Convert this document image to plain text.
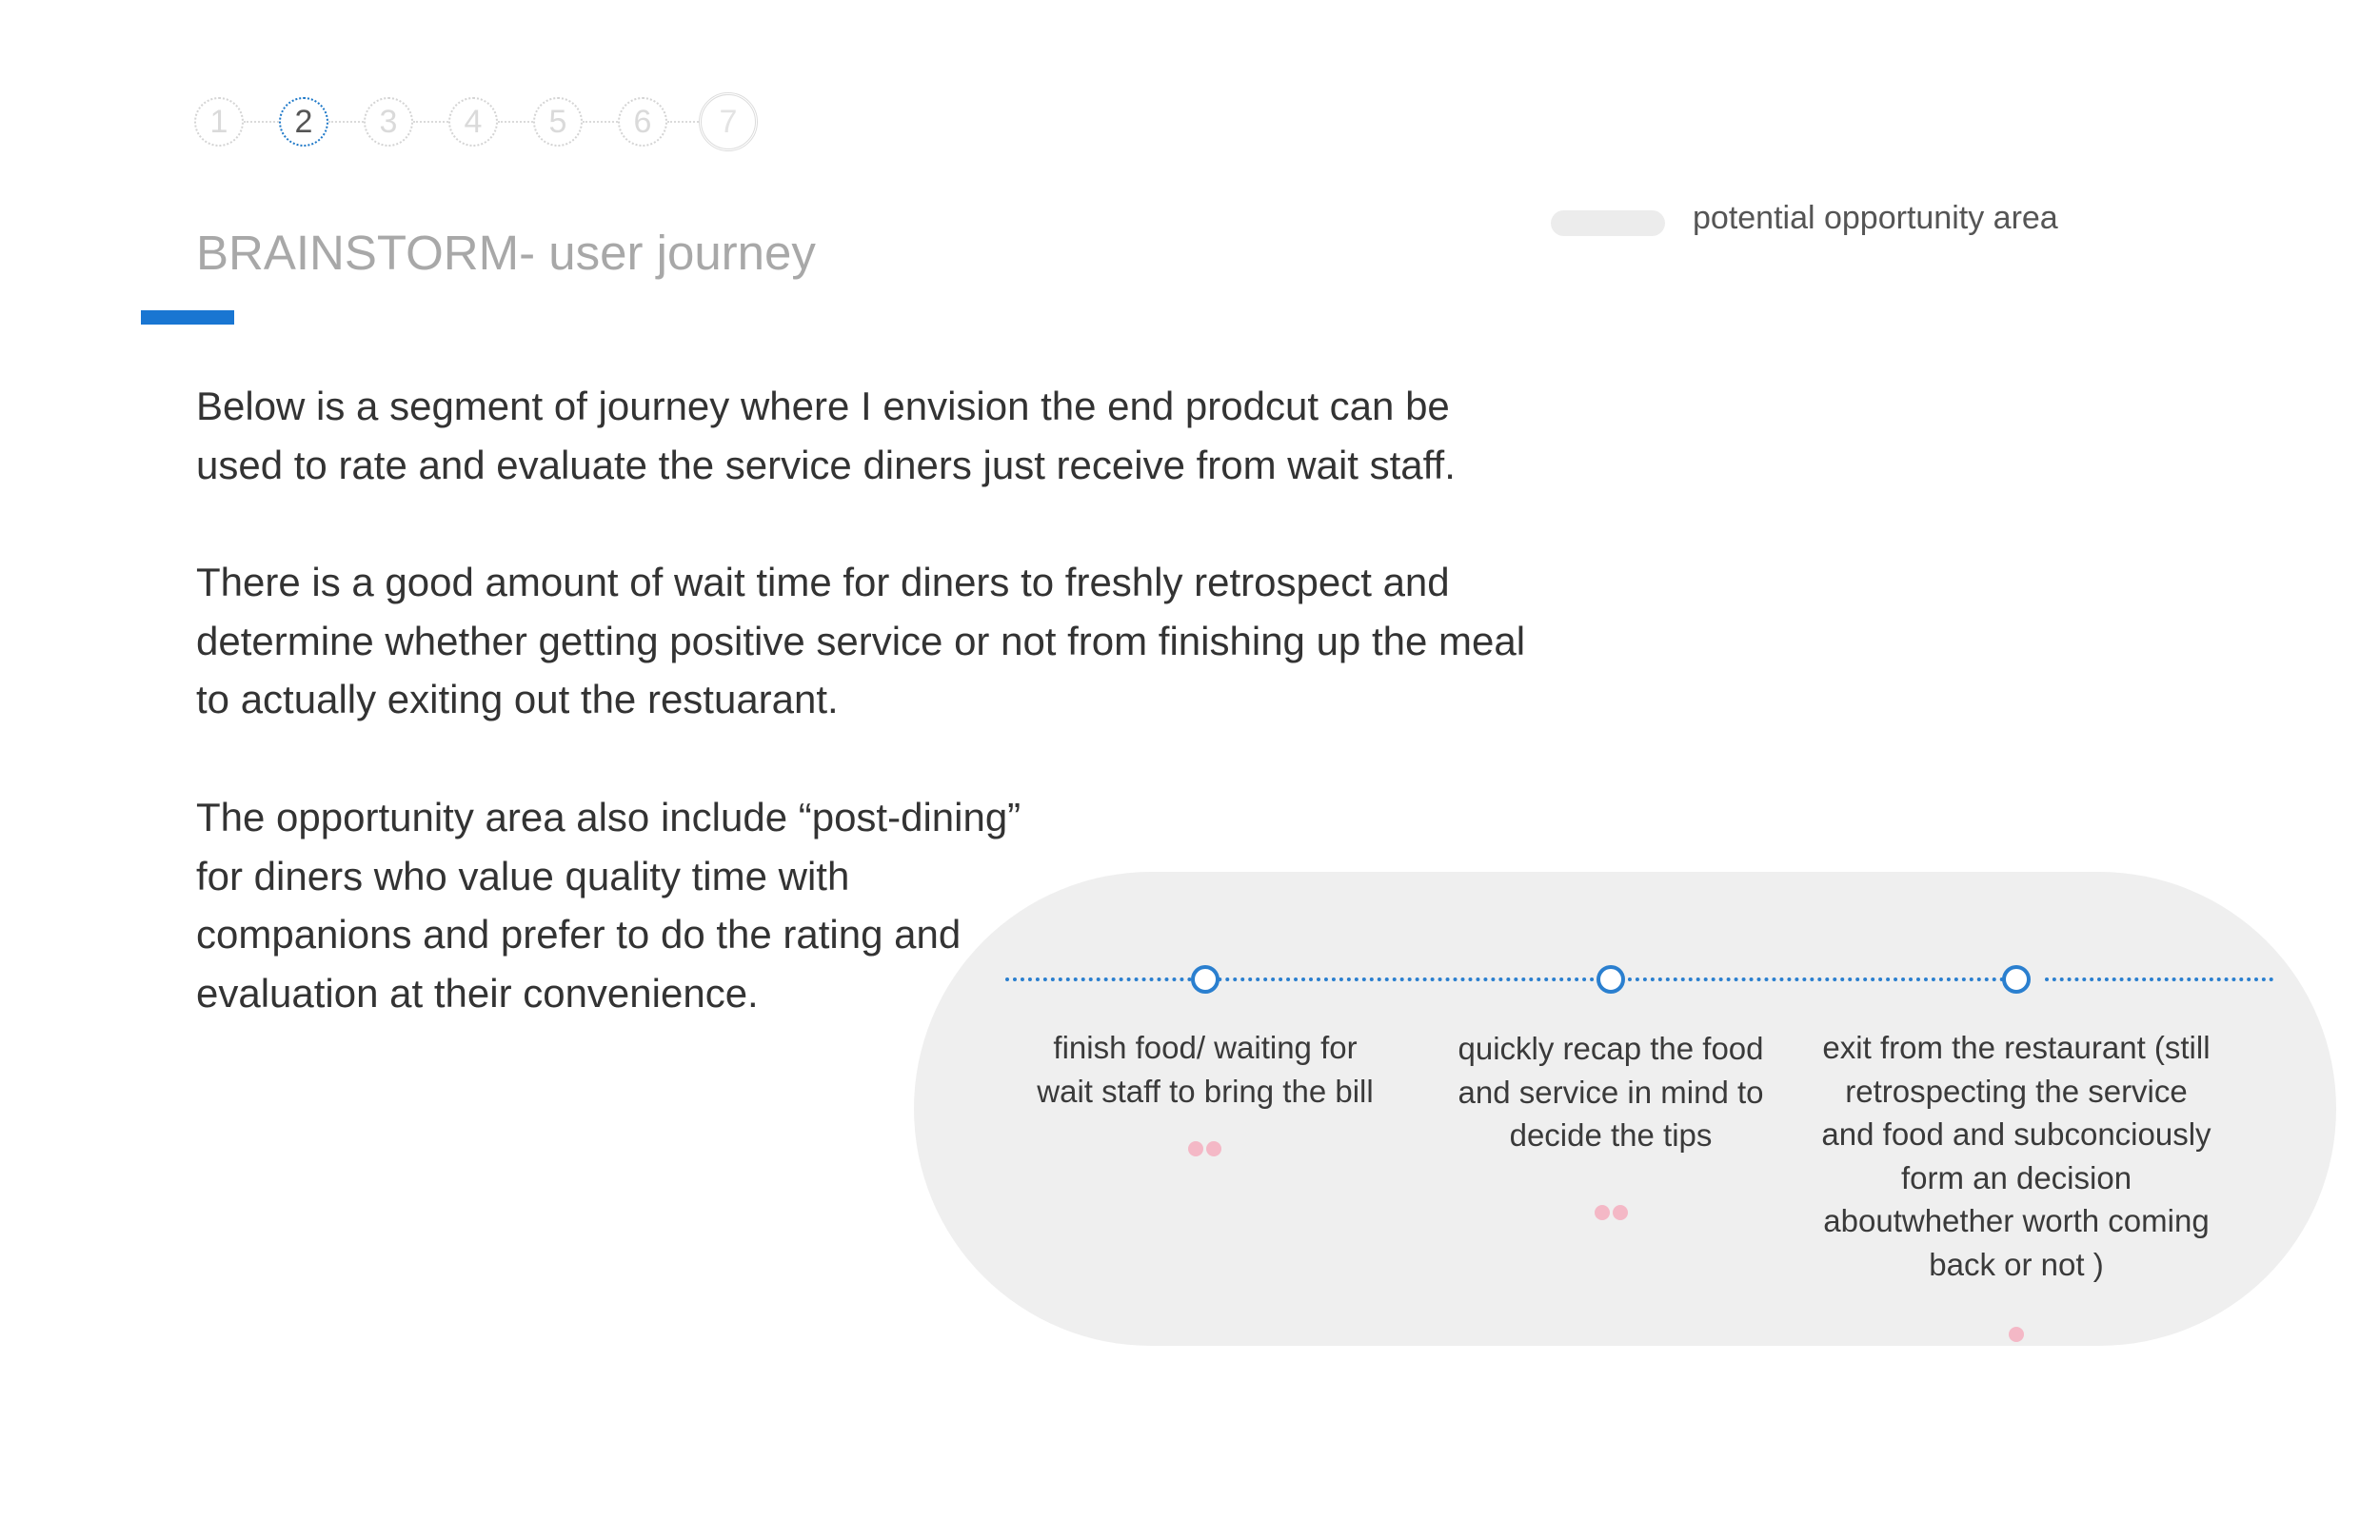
1	2	3	4	5	6	7
BRAINSTORM- user journey
potential opportunity area

Below is a segment of journey where I envision the end prodcut can be used to rate and evaluate the service diners just receive from wait staff.

There is a good amount of wait time for diners to freshly retrospect and determine whether getting positive service or not from finishing up the meal to actually exiting out the restuarant.

The opportunity area also include “post-dining” for diners who value quality time with companions and prefer to do the rating and evaluation at their convenience.

finish food/ waiting for wait staff to bring the bill
quickly recap the food and service in mind to decide the tips
exit from the restaurant (still retrospecting the service and food and subconciously form an decision aboutwhether worth coming back or not )
